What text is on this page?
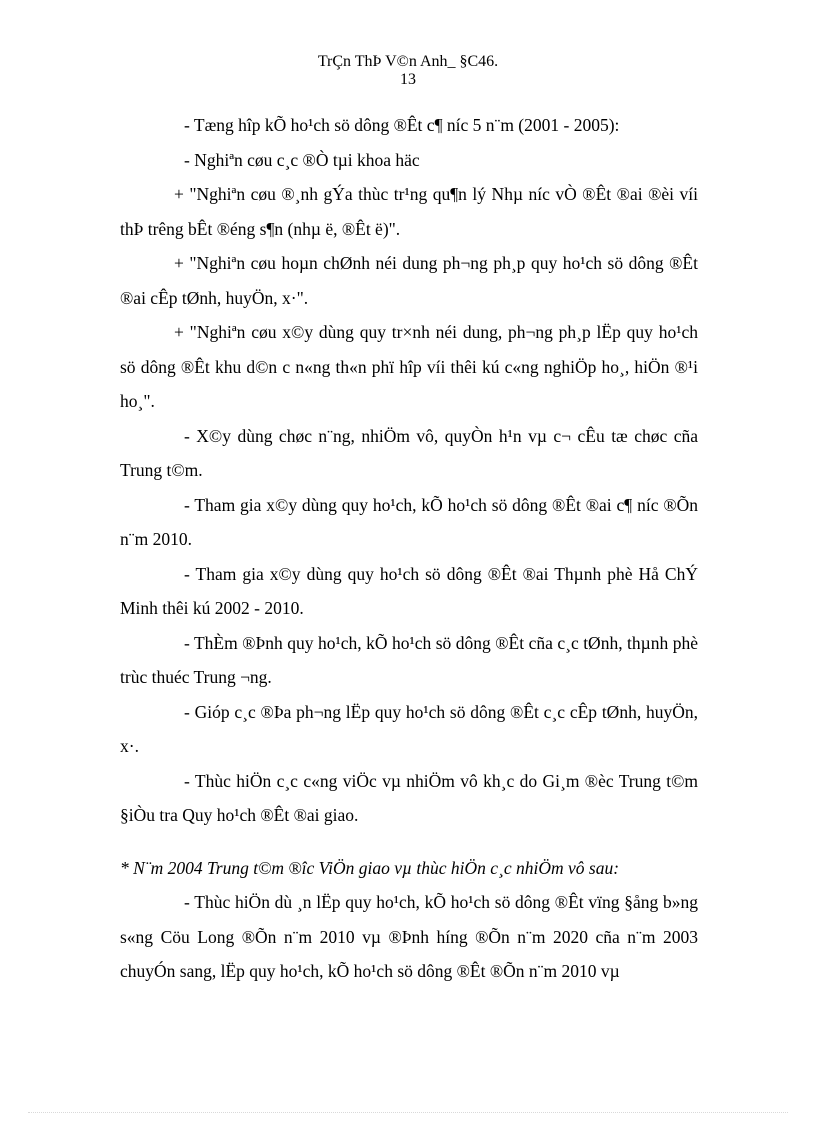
TrÇn ThÞ V©n Anh_ §C46.
13

- Tæng hîp kÕ ho¹ch sö dông ®Êt c¶ níc 5 n¨m (2001 - 2005):

- Nghiªn cøu c¸c ®Ò tµi khoa häc

+ "Nghiªn cøu ®¸nh gÝa thùc tr¹ng qu¶n lý Nhµ níc vÒ ®Êt ®ai ®èi víi thÞ trêng bÊt ®éng s¶n (nhµ ë, ®Êt ë)".

+ "Nghiªn cøu hoµn chØnh néi dung ph¬ng ph¸p quy ho¹ch sö dông ®Êt ®ai cÊp tØnh, huyÖn, x·".

+ "Nghiªn cøu x©y dùng quy tr×nh néi dung, ph¬ng ph¸p lËp quy ho¹ch sö dông ®Êt khu d©n c n«ng th«n phï hîp víi thêi kú c«ng nghiÖp ho¸, hiÖn ®¹i ho¸".

- X©y dùng chøc n¨ng, nhiÖm vô, quyÒn h¹n vµ c¬ cÊu tæ chøc cña Trung t©m.

- Tham gia x©y dùng quy ho¹ch, kÕ ho¹ch sö dông ®Êt ®ai c¶ níc ®Õn n¨m 2010.

- Tham gia x©y dùng quy ho¹ch sö dông ®Êt ®ai Thµnh phè Hå ChÝ Minh thêi kú 2002 - 2010.

- ThÈm ®Þnh quy ho¹ch, kÕ ho¹ch sö dông ®Êt cña c¸c tØnh, thµnh phè trùc thuéc Trung ¬ng.

- Gióp c¸c ®Þa ph¬ng lËp quy ho¹ch sö dông ®Êt c¸c cÊp tØnh, huyÖn, x·.

- Thùc hiÖn c¸c c«ng viÖc vµ nhiÖm vô kh¸c do Gi¸m ®èc Trung t©m §iÒu tra Quy ho¹ch ®Êt ®ai giao.

* N¨m 2004 Trung t©m ®îc ViÖn giao vµ thùc hiÖn c¸c nhiÖm vô sau:

- Thùc hiÖn dù ¸n lËp quy ho¹ch, kÕ ho¹ch sö dông ®Êt vïng §ång b»ng s«ng Cöu Long ®Õn n¨m 2010 vµ ®Þnh híng ®Õn n¨m 2020 cña n¨m 2003 chuyÓn sang, lËp quy ho¹ch, kÕ ho¹ch sö dông ®Êt ®Õn n¨m 2010 vµ
